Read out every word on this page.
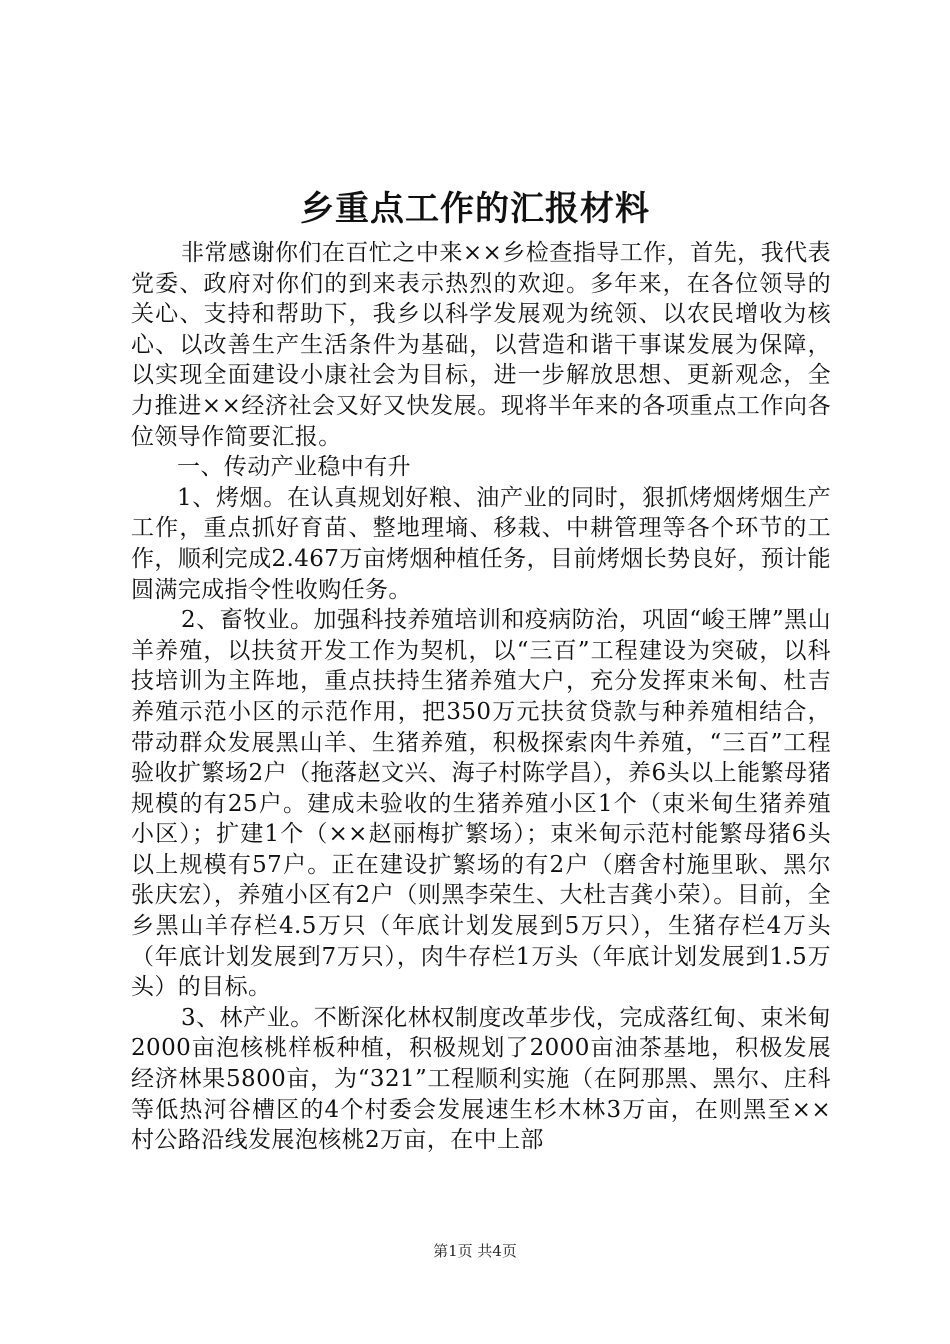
乡重点工作的汇报材料

非常感谢你们在百忙之中来××乡检查指导工作，首先，我代表党委、政府对你们的到来表示热烈的欢迎。多年来，在各位领导的关心、支持和帮助下，我乡以科学发展观为统领、以农民增收为核心、以改善生产生活条件为基础，以营造和谐干事谋发展为保障，以实现全面建设小康社会为目标，进一步解放思想、更新观念，全力推进××经济社会又好又快发展。现将半年来的各项重点工作向各位领导作简要汇报。

一、传动产业稳中有升

1、烤烟。在认真规划好粮、油产业的同时，狠抓烤烟烤烟生产工作，重点抓好育苗、整地理墒、移栽、中耕管理等各个环节的工作，顺利完成2.467万亩烤烟种植任务，目前烤烟长势良好，预计能圆满完成指令性收购任务。

2、畜牧业。加强科技养殖培训和疫病防治，巩固“峻王牌”黑山羊养殖，以扶贫开发工作为契机，以“三百”工程建设为突破，以科技培训为主阵地，重点扶持生猪养殖大户，充分发挥束米甸、杜吉养殖示范小区的示范作用，把350万元扶贫贷款与种养殖相结合，带动群众发展黑山羊、生猪养殖，积极探索肉牛养殖，“三百”工程验收扩繁场2户（拖落赵文兴、海子村陈学昌），养6头以上能繁母猪规模的有25户。建成未验收的生猪养殖小区1个（束米甸生猪养殖小区）；扩建1个（××赵丽梅扩繁场）；束米甸示范村能繁母猪6头以上规模有57户。正在建设扩繁场的有2户（磨舍村施里耿、黑尔张庆宏），养殖小区有2户（则黑李荣生、大杜吉龚小荣）。目前，全乡黑山羊存栏4.5万只（年底计划发展到5万只），生猪存栏4万头（年底计划发展到7万只），肉牛存栏1万头（年底计划发展到1.5万头）的目标。

3、林产业。不断深化林权制度改革步伐，完成落红甸、束米甸2000亩泡核桃样板种植，积极规划了2000亩油茶基地，积极发展经济林果5800亩，为“321”工程顺利实施（在阿那黑、黑尔、庄科等低热河谷槽区的4个村委会发展速生杉木林3万亩，在则黑至××村公路沿线发展泡核桃2万亩，在中上部

第1页 共4页
